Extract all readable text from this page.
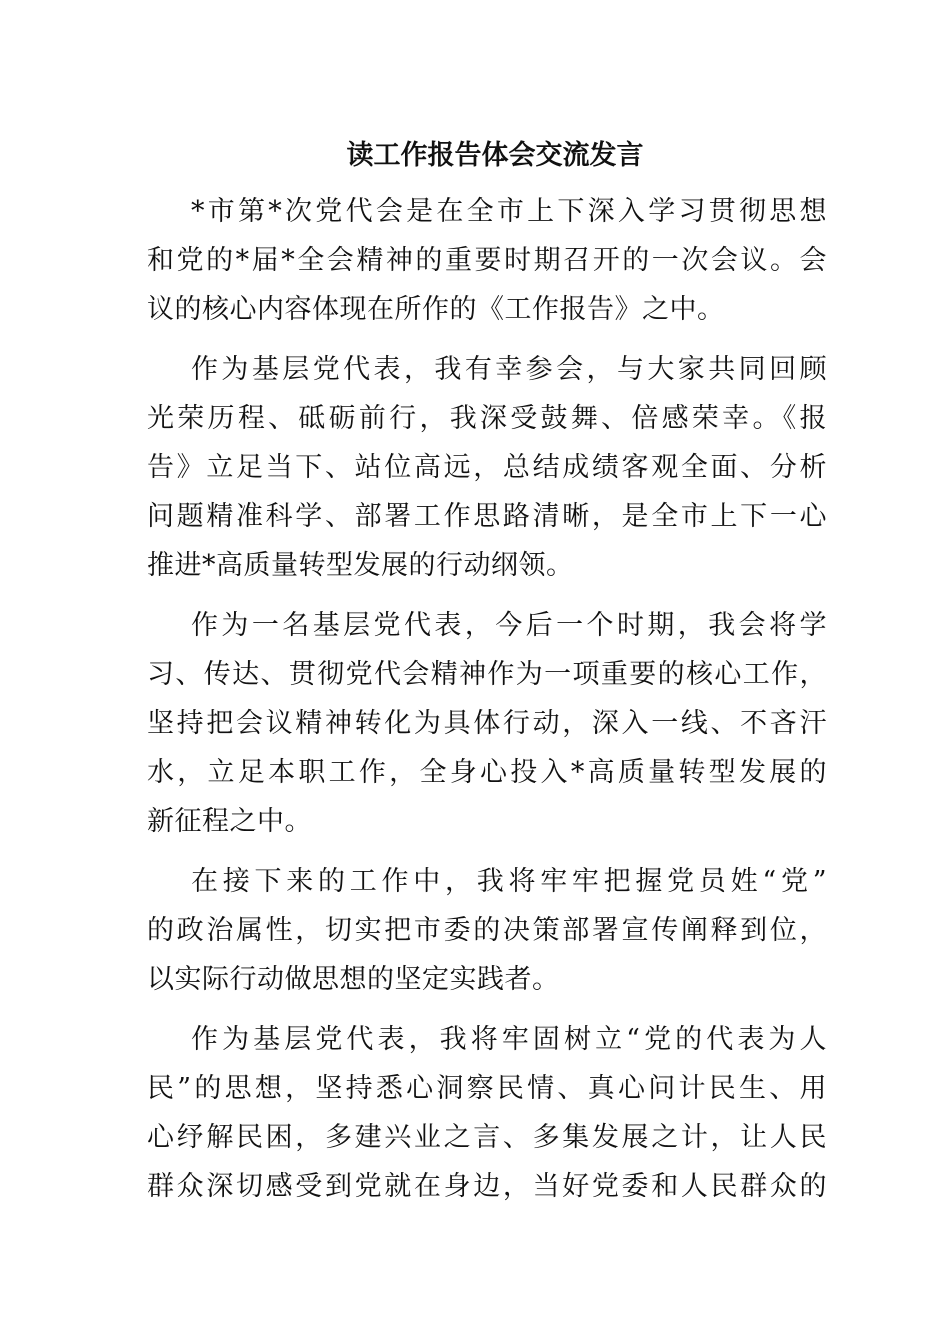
读工作报告体会交流发言
*市第*次党代会是在全市上下深入学习贯彻思想
和党的*届*全会精神的重要时期召开的一次会议。会
议的核心内容体现在所作的《工作报告》之中。
作为基层党代表，我有幸参会，与大家共同回顾
光荣历程、砥砺前行，我深受鼓舞、倍感荣幸。《报
告》立足当下、站位高远，总结成绩客观全面、分析
问题精准科学、部署工作思路清晰，是全市上下一心
推进*高质量转型发展的行动纲领。
作为一名基层党代表，今后一个时期，我会将学
习、传达、贯彻党代会精神作为一项重要的核心工作，
坚持把会议精神转化为具体行动，深入一线、不吝汗
水，立足本职工作，全身心投入*高质量转型发展的
新征程之中。
在接下来的工作中，我将牢牢把握党员姓“党”
的政治属性，切实把市委的决策部署宣传阐释到位，
以实际行动做思想的坚定实践者。
作为基层党代表，我将牢固树立“党的代表为人
民”的思想，坚持悉心洞察民情、真心问计民生、用
心纾解民困，多建兴业之言、多集发展之计，让人民
群众深切感受到党就在身边，当好党委和人民群众的
